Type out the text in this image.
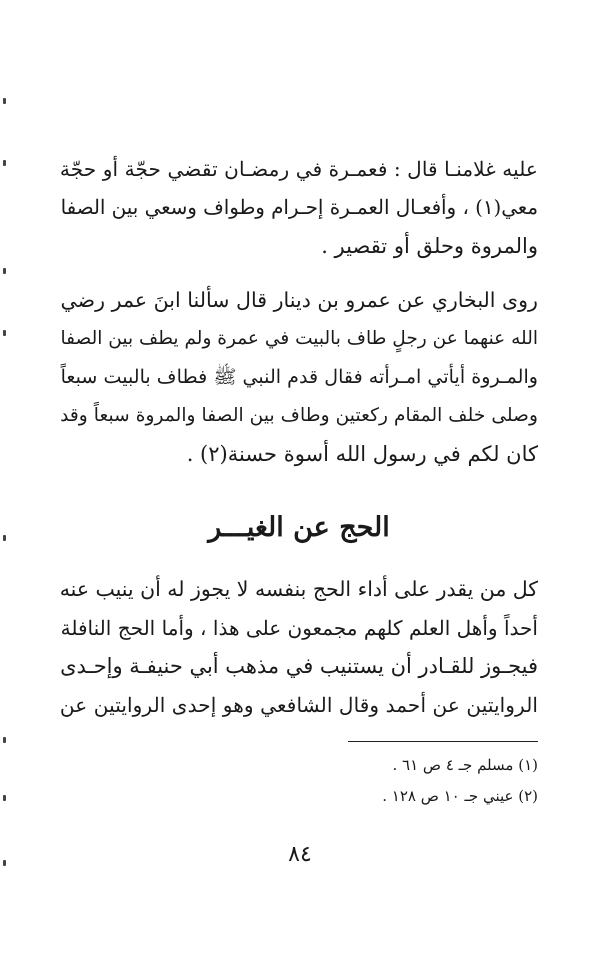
عليه غلامنـا قال : فعمـرة في رمضـان تقضي حجّة أو حجّة
معي(١) ، وأفعـال العمـرة إحـرام وطواف وسعي بين الصفا
والمروة وحلق أو تقصير .
روى البخاري عن عمرو بن دينار قال سألنا ابنَ عمر رضي
الله عنهما عن رجلٍ طاف بالبيت في عمرة ولم يطف بين الصفا
والمـروة أيأتي امـرأته فقال قدم النبي ﷺ فطاف بالبيت سبعاً
وصلى خلف المقام ركعتين وطاف بين الصفا والمروة سبعاً وقد
كان لكم في رسول الله أسوة حسنة(٢) .
الحج عن الغيـــر
كل من يقدر على أداء الحج بنفسه لا يجوز له أن ينيب عنه
أحداً وأهل العلم كلهم مجمعون على هذا ، وأما الحج النافلة
فيجـوز للقـادر أن يستنيب في مذهب أبي حنيفـة وإحـدى
الروايتين عن أحمد وقال الشافعي وهو إحدى الروايتين عن
(١) مسلم جـ ٤ ص ٦١ .
(٢) عيني جـ ١٠ ص ١٢٨ .
٨٤
